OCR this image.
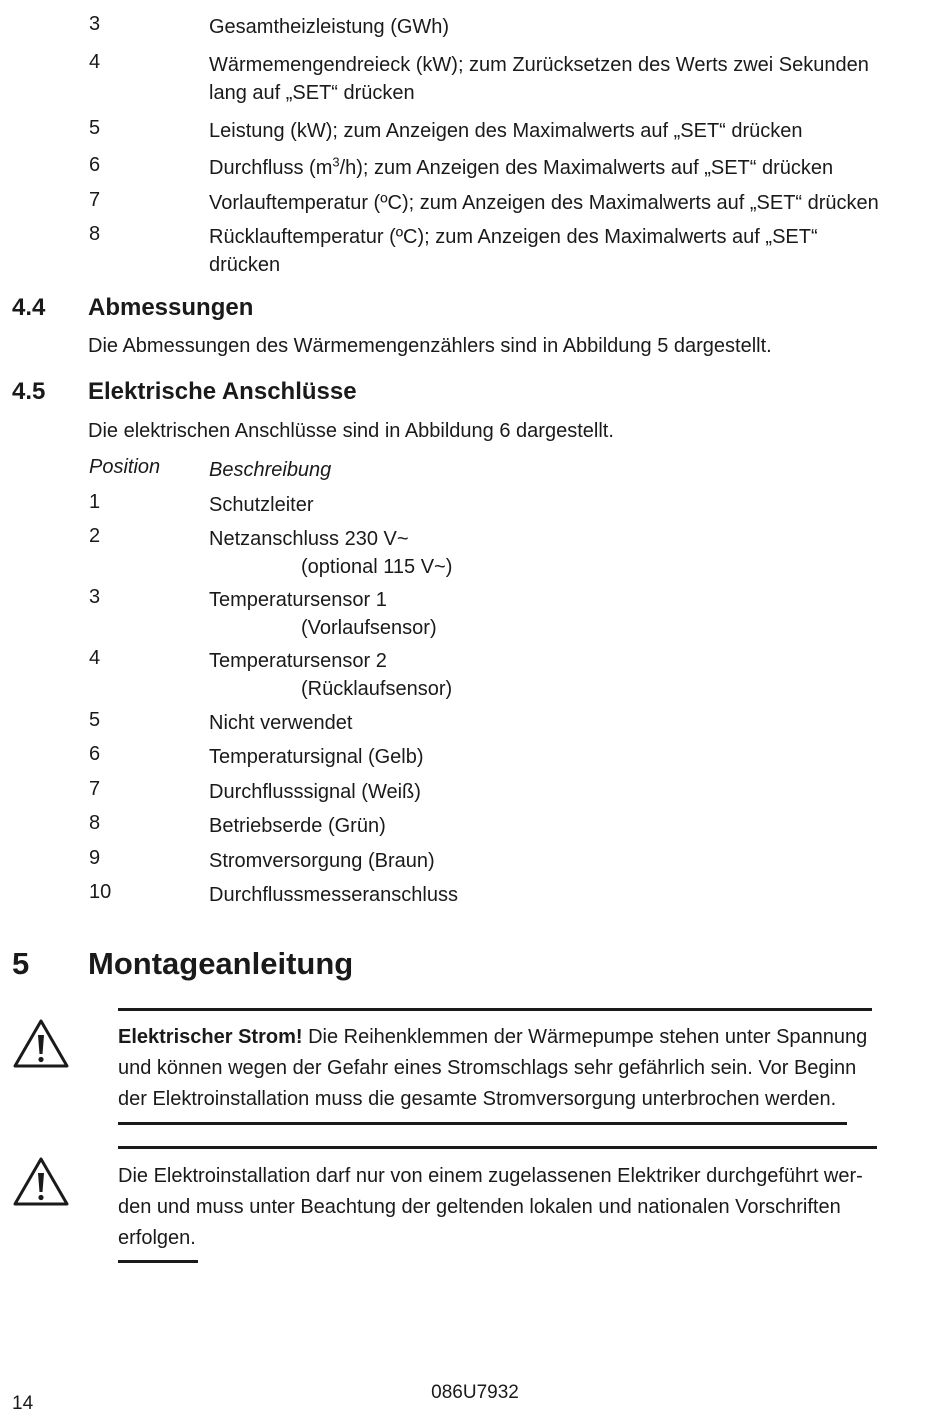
3	Gesamtheizleistung (GWh)
4	Wärmemengendreieck (kW); zum Zurücksetzen des Werts zwei Sekunden
lang auf „SET“ drücken
5	Leistung (kW); zum Anzeigen des Maximalwerts auf „SET“ drücken
6	Durchfluss $(m^3/h)$; zum Anzeigen des Maximalwerts auf „SET“ drücken
7	Vorlauftemperatur (ºC); zum Anzeigen des Maximalwerts auf „SET“ drücken
8	Rücklauftemperatur (ºC); zum Anzeigen des Maximalwerts auf „SET“
drücken
4.4 Abmessungen
Die Abmessungen des Wärmemengenzählers sind in Abbildung 5 dargestellt.
4.5 Elektrische Anschlüsse
Die elektrischen Anschlüsse sind in Abbildung 6 dargestellt.
Position Beschreibung
1	Schutzleiter
2	Netzanschluss 230 V~
(optional 115 V~)
3	Temperatursensor 1
(Vorlaufsensor)
4	Temperatursensor 2
(Rücklaufsensor)
5	Nicht verwendet
6	Temperatursignal (Gelb)
7	Durchflusssignal (Weiß)
8	Betriebserde (Grün)
9	Stromversorgung (Braun)
10	Durchflussmesseranschluss
5 Montageanleitung
Elektrischer Strom! Die Reihenklemmen der Wärmepumpe stehen unter Spannung
und können wegen der Gefahr eines Stromschlags sehr gefährlich sein. Vor Beginn
der Elektroinstallation muss die gesamte Stromversorgung unterbrochen werden.
Die Elektroinstallation darf nur von einem zugelassenen Elektriker durchgeführt wer-
den und muss unter Beachtung der geltenden lokalen und nationalen Vorschriften
erfolgen.
086U7932
14
